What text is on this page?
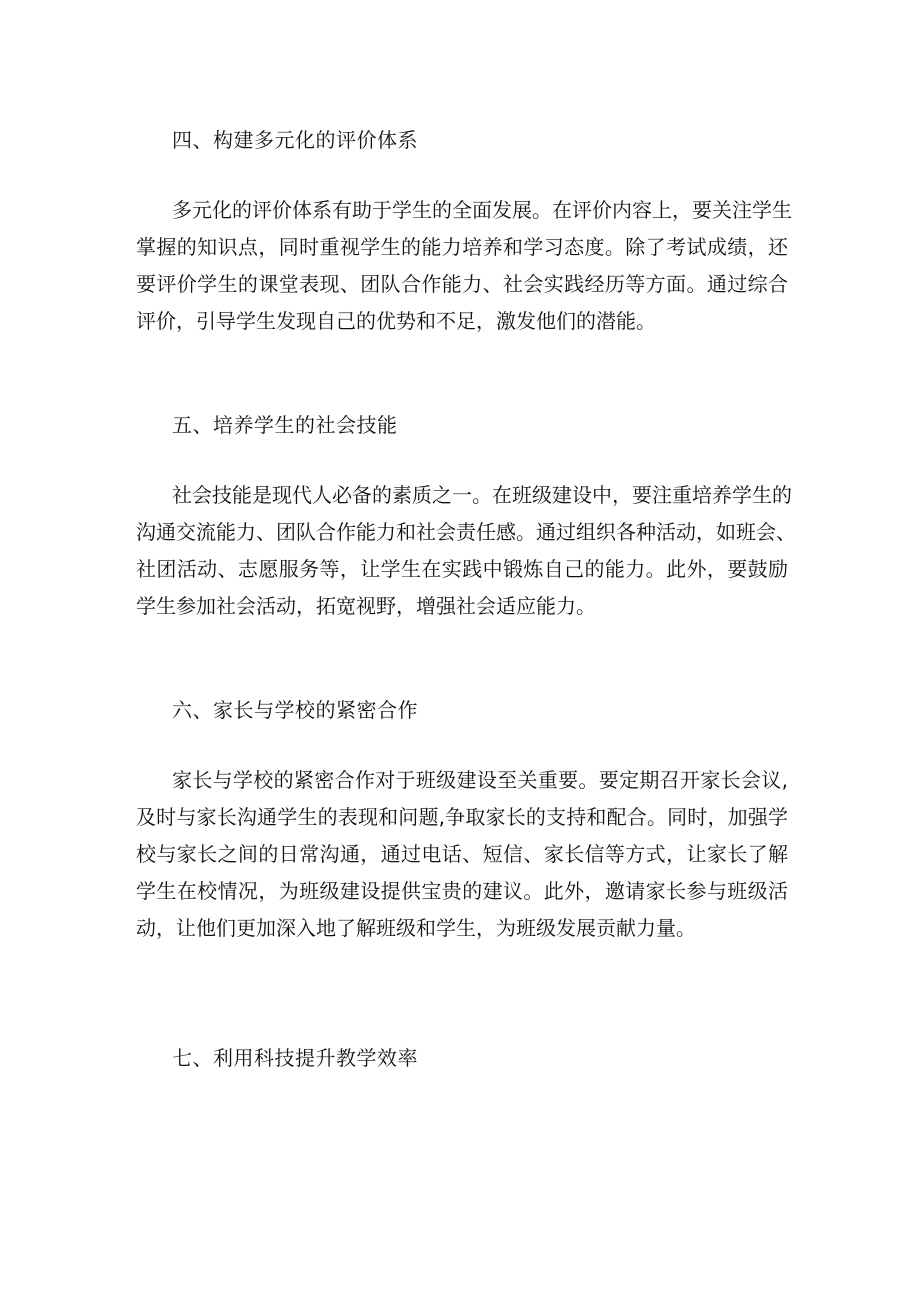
四、构建多元化的评价体系
多元化的评价体系有助于学生的全面发展。在评价内容上，要关注学生
掌握的知识点，同时重视学生的能力培养和学习态度。除了考试成绩，还
要评价学生的课堂表现、团队合作能力、社会实践经历等方面。通过综合
评价，引导学生发现自己的优势和不足，激发他们的潜能。
五、培养学生的社会技能
社会技能是现代人必备的素质之一。在班级建设中，要注重培养学生的
沟通交流能力、团队合作能力和社会责任感。通过组织各种活动，如班会、
社团活动、志愿服务等，让学生在实践中锻炼自己的能力。此外，要鼓励
学生参加社会活动，拓宽视野，增强社会适应能力。
六、家长与学校的紧密合作
家长与学校的紧密合作对于班级建设至关重要。要定期召开家长会议,
及时与家长沟通学生的表现和问题,争取家长的支持和配合。同时，加强学
校与家长之间的日常沟通，通过电话、短信、家长信等方式，让家长了解
学生在校情况，为班级建设提供宝贵的建议。此外，邀请家长参与班级活
动，让他们更加深入地了解班级和学生，为班级发展贡献力量。
七、利用科技提升教学效率
